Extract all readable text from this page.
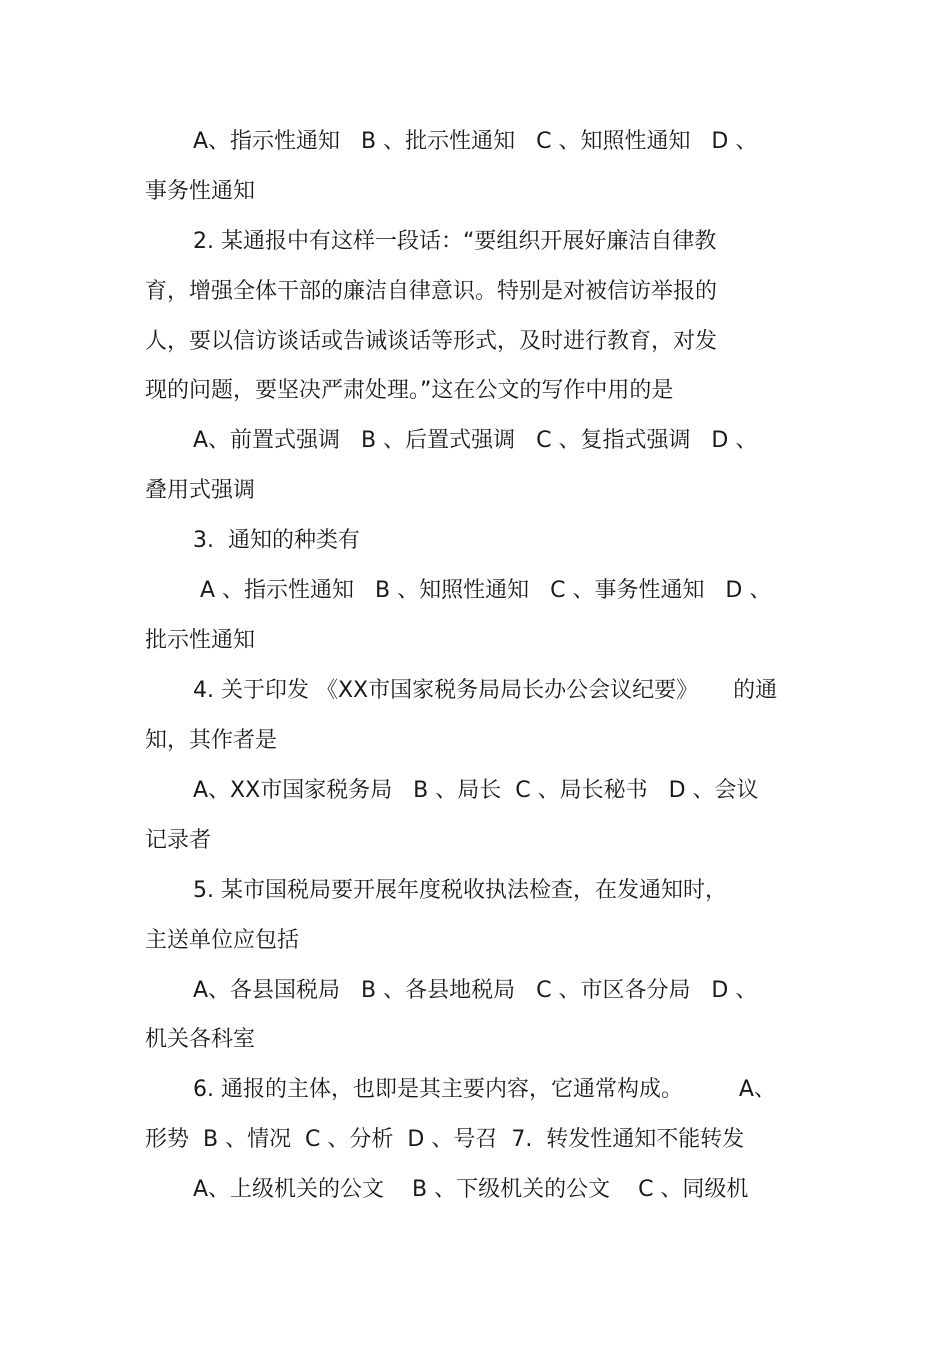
A、指示性通知   B 、批示性通知   C 、知照性通知   D 、
事务性通知
2. 某通报中有这样一段话：“要组织开展好廉洁自律教
育，增强全体干部的廉洁自律意识。特别是对被信访举报的
人，要以信访谈话或告诫谈话等形式，及时进行教育，对发
现的问题，要坚决严肃处理。”这在公文的写作中用的是
A、前置式强调   B 、后置式强调   C 、复指式强调   D 、
叠用式强调
3.  通知的种类有
A 、指示性通知   B 、知照性通知   C 、事务性通知   D 、
批示性通知
4. 关于印发 《XX市国家税务局局长办公会议纪要》     的通
知，其作者是
A、XX市国家税务局   B 、局长  C 、局长秘书   D 、会议
记录者
5. 某市国税局要开展年度税收执法检查，在发通知时，
主送单位应包括
A、各县国税局   B 、各县地税局   C 、市区各分局   D 、
机关各科室
6. 通报的主体，也即是其主要内容，它通常构成。        A、
形势  B 、情况  C 、分析  D 、号召  7.  转发性通知不能转发
A、上级机关的公文    B 、下级机关的公文    C 、同级机
